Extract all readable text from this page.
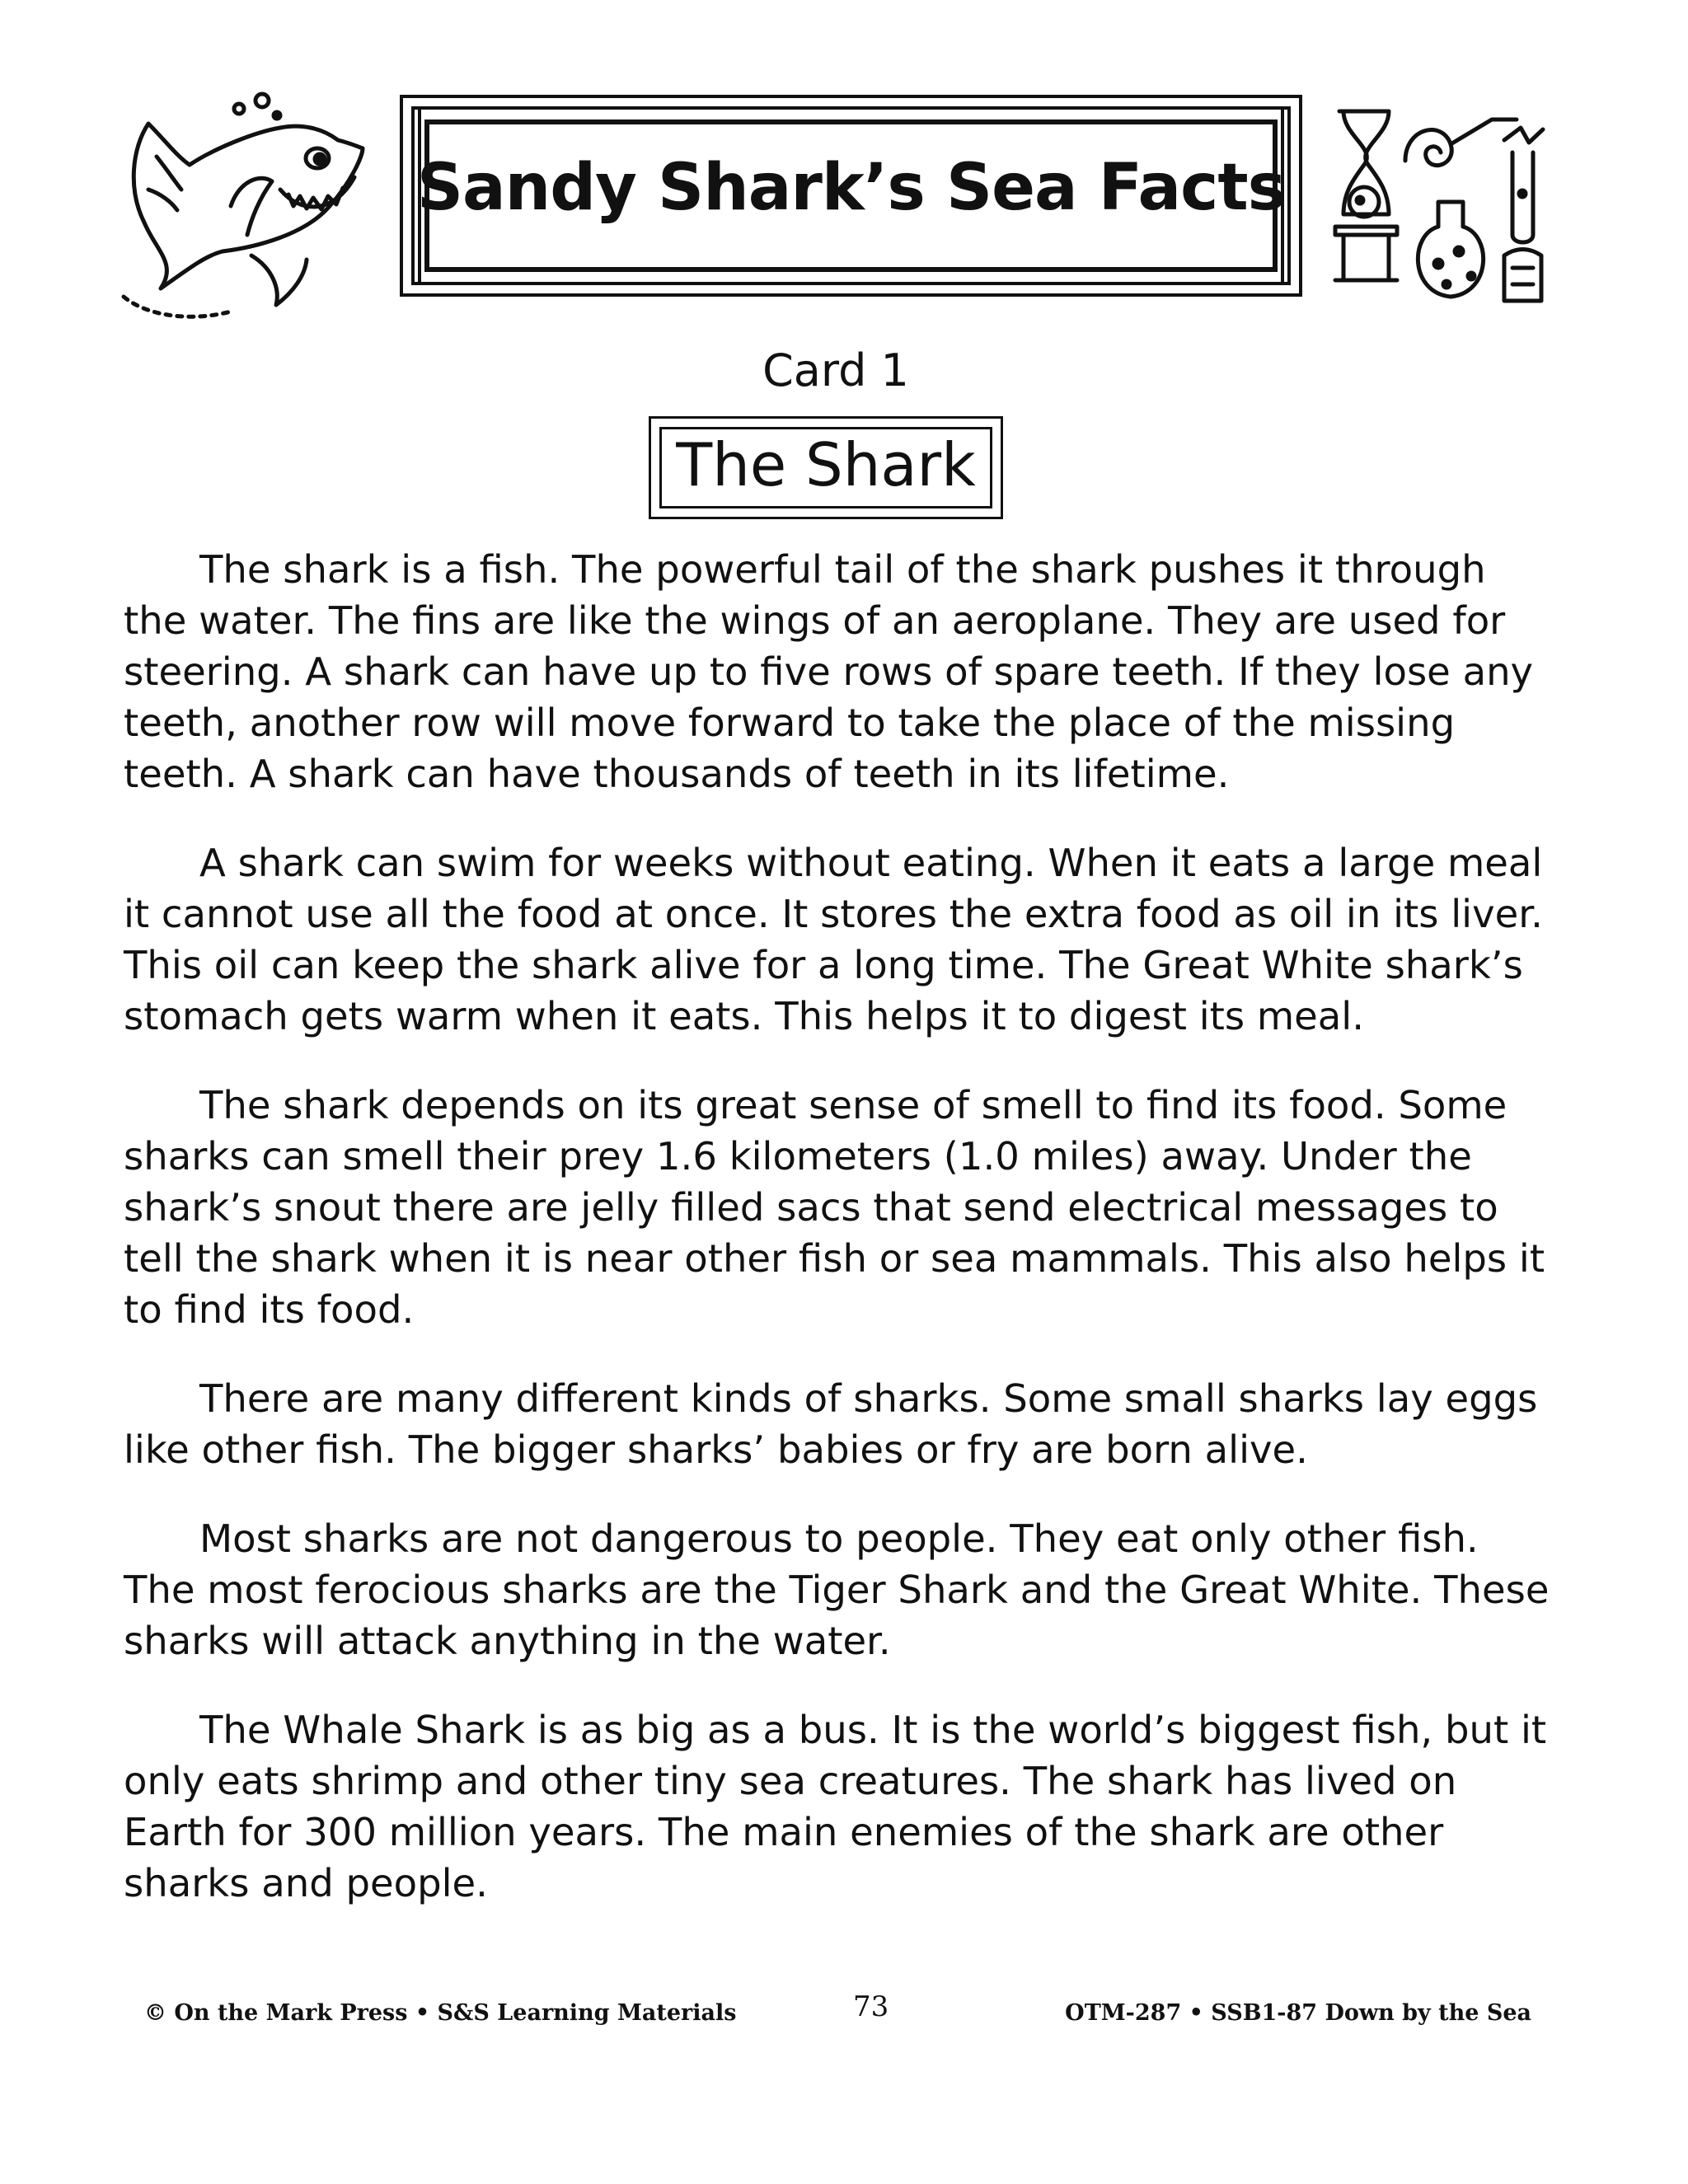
Sandy Shark’s Sea Facts
Card 1
The Shark

The shark is a fish. The powerful tail of the shark pushes it through the water. The fins are like the wings of an aeroplane. They are used for steering. A shark can have up to five rows of spare teeth. If they lose any teeth, another row will move forward to take the place of the missing teeth. A shark can have thousands of teeth in its lifetime.

A shark can swim for weeks without eating. When it eats a large meal it cannot use all the food at once. It stores the extra food as oil in its liver. This oil can keep the shark alive for a long time. The Great White shark’s stomach gets warm when it eats. This helps it to digest its meal.

The shark depends on its great sense of smell to find its food. Some sharks can smell their prey 1.6 kilometers (1.0 miles) away. Under the shark’s snout there are jelly filled sacs that send electrical messages to tell the shark when it is near other fish or sea mammals. This also helps it to find its food.

There are many different kinds of sharks. Some small sharks lay eggs like other fish. The bigger sharks’ babies or fry are born alive.

Most sharks are not dangerous to people. They eat only other fish. The most ferocious sharks are the Tiger Shark and the Great White. These sharks will attack anything in the water.

The Whale Shark is as big as a bus. It is the world’s biggest fish, but it only eats shrimp and other tiny sea creatures. The shark has lived on Earth for 300 million years. The main enemies of the shark are other sharks and people.

© On the Mark Press • S&S Learning Materials	73	OTM-287 • SSB1-87 Down by the Sea
